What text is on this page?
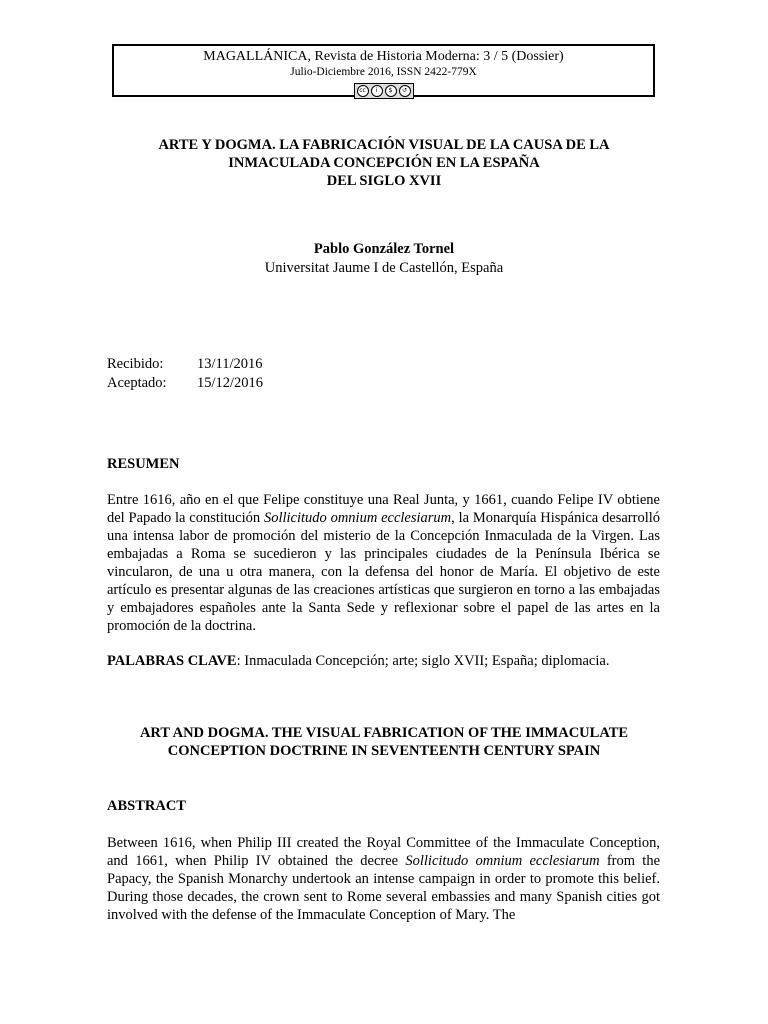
MAGALLÁNICA, Revista de Historia Moderna: 3 / 5 (Dossier)
Julio-Diciembre 2016, ISSN 2422-779X
cc	i	$	↺
ARTE Y DOGMA. LA FABRICACIÓN VISUAL DE LA CAUSA DE LA
INMACULADA CONCEPCIÓN EN LA ESPAÑA
DEL SIGLO XVII
Pablo González Tornel
Universitat Jaume I de Castellón, España
Recibido:	13/11/2016
Aceptado:	15/12/2016
RESUMEN
Entre 1616, año en el que Felipe constituye una Real Junta, y 1661, cuando Felipe IV obtiene del Papado la constitución Sollicitudo omnium ecclesiarum, la Monarquía Hispánica desarrolló una intensa labor de promoción del misterio de la Concepción Inmaculada de la Virgen. Las embajadas a Roma se sucedieron y las principales ciudades de la Península Ibérica se vincularon, de una u otra manera, con la defensa del honor de María. El objetivo de este artículo es presentar algunas de las creaciones artísticas que surgieron en torno a las embajadas y embajadores españoles ante la Santa Sede y reflexionar sobre el papel de las artes en la promoción de la doctrina.
PALABRAS CLAVE: Inmaculada Concepción; arte; siglo XVII; España; diplomacia.
ART AND DOGMA. THE VISUAL FABRICATION OF THE IMMACULATE
CONCEPTION DOCTRINE IN SEVENTEENTH CENTURY SPAIN
ABSTRACT
Between 1616, when Philip III created the Royal Committee of the Immaculate Conception, and 1661, when Philip IV obtained the decree Sollicitudo omnium ecclesiarum from the Papacy, the Spanish Monarchy undertook an intense campaign in order to promote this belief. During those decades, the crown sent to Rome several embassies and many Spanish cities got involved with the defense of the Immaculate Conception of Mary. The
